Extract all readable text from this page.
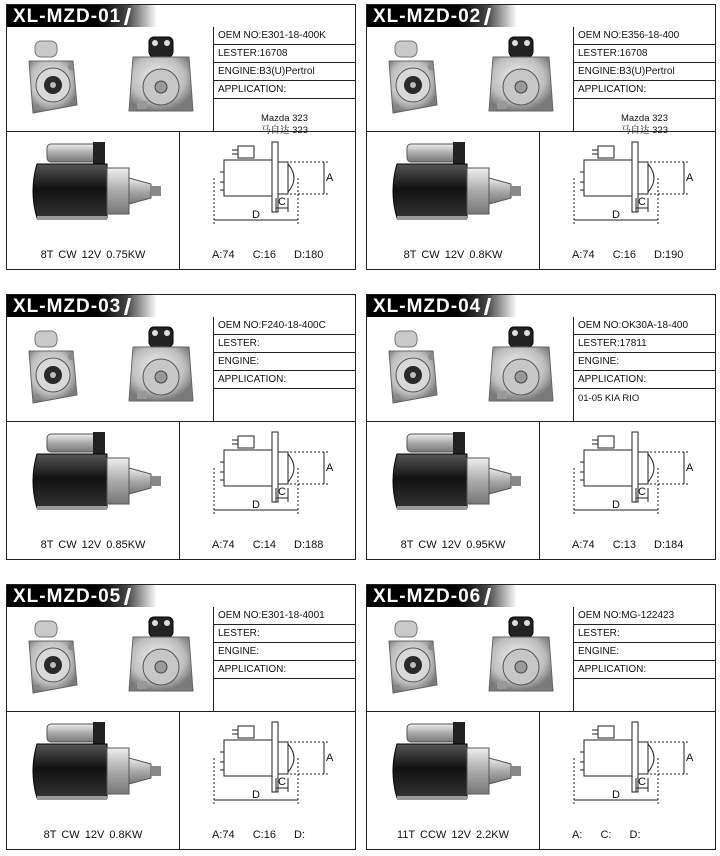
XL-MZD-01
OEM NO:E301-18-400K
LESTER:16708
ENGINE:B3(U)Pertrol
APPLICATION:
Mazda 323
马自达 323
8T CW 12V 0.75KW
A
C
D
A:74 C:16 D:180
XL-MZD-02
OEM NO:E356-18-400
LESTER:16708
ENGINE:B3(U)Pertrol
APPLICATION:
Mazda 323
马自达 323
8T CW 12V 0.8KW
A
C
D
A:74 C:16 D:190
XL-MZD-03
OEM NO:F240-18-400C
LESTER:
ENGINE:
APPLICATION:
8T CW 12V 0.85KW
A
C
D
A:74 C:14 D:188
XL-MZD-04
OEM NO:OK30A-18-400
LESTER:17811
ENGINE:
APPLICATION:
01-05 KIA RIO
8T CW 12V 0.95KW
A
C
D
A:74 C:13 D:184
XL-MZD-05
OEM NO:E301-18-4001
LESTER:
ENGINE:
APPLICATION:
8T CW 12V 0.8KW
A
C
D
A:74 C:16 D:
XL-MZD-06
OEM NO:MG-122423
LESTER:
ENGINE:
APPLICATION:
11T CCW 12V 2.2KW
A
C
D
A: C: D:
